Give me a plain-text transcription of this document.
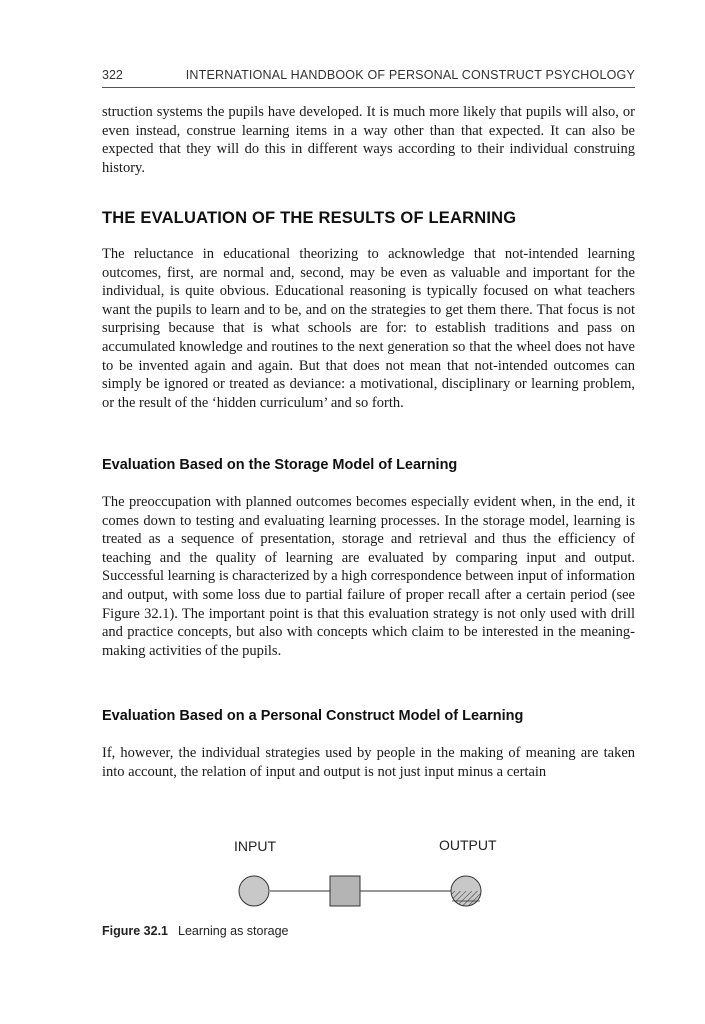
322	INTERNATIONAL HANDBOOK OF PERSONAL CONSTRUCT PSYCHOLOGY

struction systems the pupils have developed. It is much more likely that pupils will also, or even instead, construe learning items in a way other than that expected. It can also be expected that they will do this in different ways according to their individual construing history.

THE EVALUATION OF THE RESULTS OF LEARNING

The reluctance in educational theorizing to acknowledge that not-intended learning outcomes, first, are normal and, second, may be even as valuable and important for the individual, is quite obvious. Educational reasoning is typically focused on what teachers want the pupils to learn and to be, and on the strategies to get them there. That focus is not surprising because that is what schools are for: to establish traditions and pass on accumulated knowledge and routines to the next generation so that the wheel does not have to be invented again and again. But that does not mean that not-intended outcomes can simply be ignored or treated as deviance: a motivational, disciplinary or learning problem, or the result of the ‘hidden curriculum’ and so forth.

Evaluation Based on the Storage Model of Learning

The preoccupation with planned outcomes becomes especially evident when, in the end, it comes down to testing and evaluating learning processes. In the storage model, learning is treated as a sequence of presentation, storage and retrieval and thus the efficiency of teaching and the quality of learning are evaluated by comparing input and output. Successful learning is characterized by a high correspondence between input of information and output, with some loss due to partial failure of proper recall after a certain period (see Figure 32.1). The important point is that this evaluation strategy is not only used with drill and practice concepts, but also with concepts which claim to be interested in the meaning-making activities of the pupils.

Evaluation Based on a Personal Construct Model of Learning

If, however, the individual strategies used by people in the making of meaning are taken into account, the relation of input and output is not just input minus a certain

INPUT	OUTPUT
Figure 32.1 Learning as storage
